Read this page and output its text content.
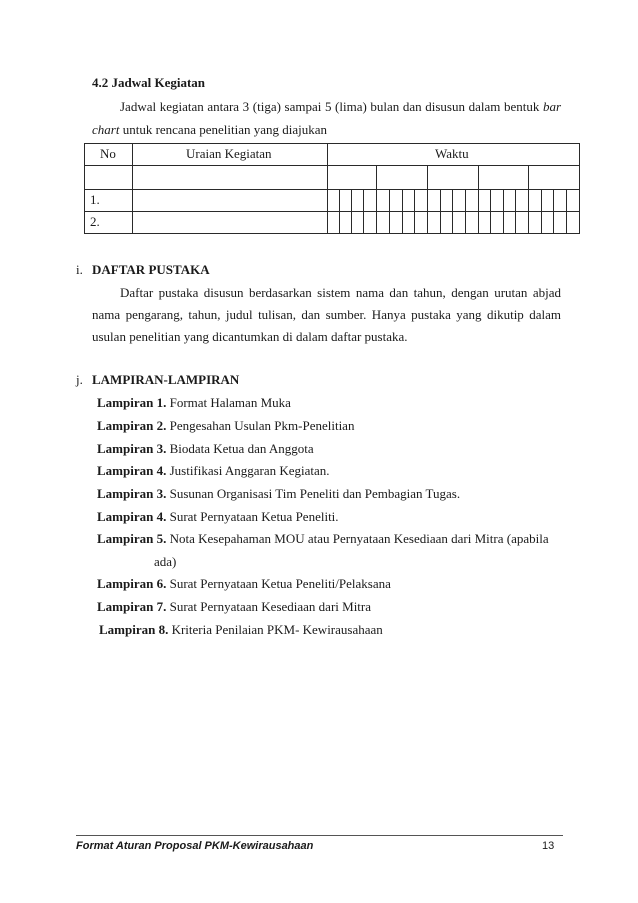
4.2 Jadwal Kegiatan
Jadwal kegiatan antara 3 (tiga) sampai 5 (lima) bulan dan disusun dalam bentuk bar
chart untuk rencana penelitian yang diajukan
No	Uraian Kegiatan	Waktu
1.
2.
i. DAFTAR PUSTAKA
Daftar pustaka disusun berdasarkan sistem nama dan tahun, dengan urutan abjad
nama pengarang, tahun, judul tulisan, dan sumber. Hanya pustaka yang dikutip dalam
usulan penelitian yang dicantumkan di dalam daftar pustaka.
j. LAMPIRAN-LAMPIRAN
Lampiran 1. Format Halaman Muka
Lampiran 2. Pengesahan Usulan Pkm-Penelitian
Lampiran 3. Biodata Ketua dan Anggota
Lampiran 4. Justifikasi Anggaran Kegiatan.
Lampiran 3. Susunan Organisasi Tim Peneliti dan Pembagian Tugas.
Lampiran 4. Surat Pernyataan Ketua Peneliti.
Lampiran 5. Nota Kesepahaman MOU atau Pernyataan Kesediaan dari Mitra (apabila
ada)
Lampiran 6. Surat Pernyataan Ketua Peneliti/Pelaksana
Lampiran 7. Surat Pernyataan Kesediaan dari Mitra
Lampiran 8. Kriteria Penilaian PKM- Kewirausahaan
Format Aturan Proposal PKM-Kewirausahaan	13
